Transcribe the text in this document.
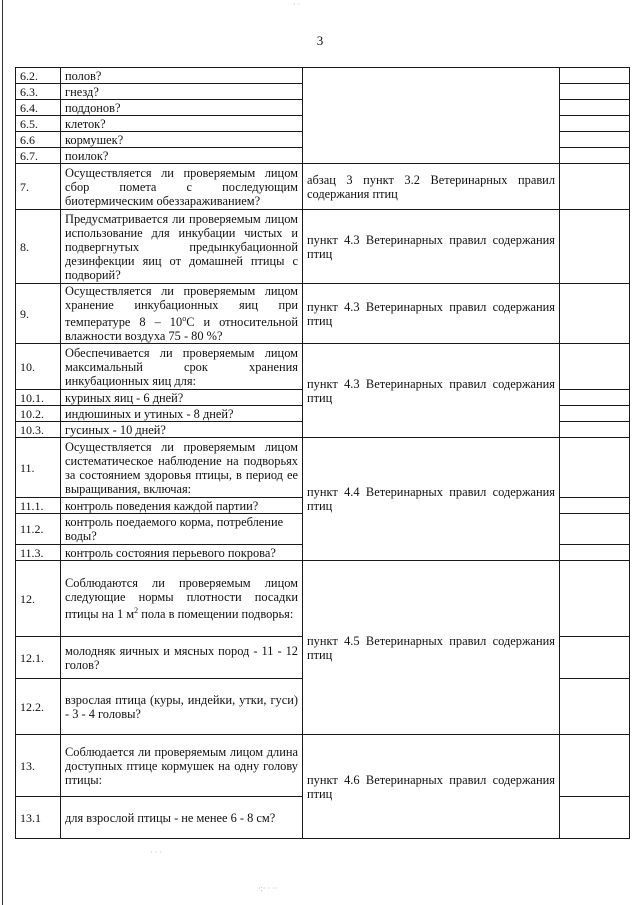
· ·
· · ·
·:· · ··
3
6.2.	полов?		
6.3.	гнезд?		
6.4.	поддонов?		
6.5.	клеток?		
6.6	кормушек?		
6.7.	поилок?		
7.	Осуществляется ли проверяемым лицом сбор помета с последующим биотермическим обеззараживанием?	абзац 3 пункт 3.2 Ветеринарных правил содержания птиц	

8.	Предусматривается ли проверяемым лицом использование для инкубации чистых и подвергнутых предынкубационной дезинфекции яиц от домашней птицы с подворий?	пункт 4.3 Ветеринарных правил содержания птиц	

9.	Осуществляется ли проверяемым лицом хранение инкубационных яиц при температуре $8 - 10^оС$ и относительной влажности воздуха 75 - 80 %?	пункт 4.3 Ветеринарных правил содержания птиц	

10.	Обеспечивается ли проверяемым лицом максимальный срок хранения инкубационных яиц для:	пункт 4.3 Ветеринарных правил содержания птиц	

10.1.	куриных яиц - 6 дней?		
10.2.	индюшиных и утиных - 8 дней?		
10.3.	гусиных - 10 дней?		
11.	Осуществляется ли проверяемым лицом систематическое наблюдение на подворьях за состоянием здоровья птицы, в период ее выращивания, включая:	пункт 4.4 Ветеринарных правил содержания птиц	

11.1.	контроль поведения каждой партии?		
11.2.	контроль поедаемого корма, потребление воды?		
11.3.	контроль состояния перьевого покрова?		
12.	Соблюдаются ли проверяемым лицом следующие нормы плотности посадки птицы на 1 $м^2$ пола в помещении подворья:	пункт 4.5 Ветеринарных правил содержания птиц	

12.1.	молодняк яичных и мясных пород - 11 - 12 голов?		
12.2.	взрослая птица (куры, индейки, утки, гуси) - 3 - 4 головы?		
13.	Соблюдается ли проверяемым лицом длина доступных птице кормушек на одну голову птицы:	пункт 4.6 Ветеринарных правил содержания птиц	

13.1	для взрослой птицы - не менее 6 - 8 см?		
